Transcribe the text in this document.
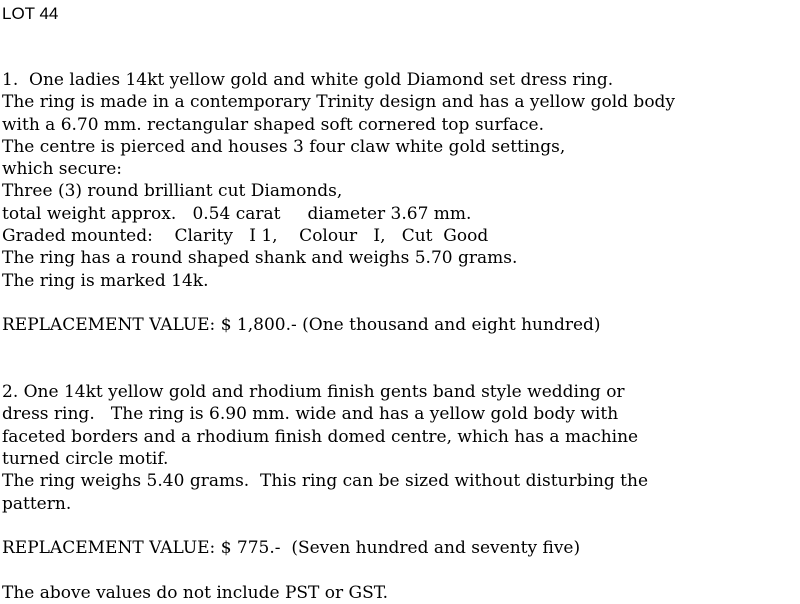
LOT 44

1.  One ladies 14kt yellow gold and white gold Diamond set dress ring.

The ring is made in a contemporary Trinity design and has a yellow gold body

with a 6.70 mm. rectangular shaped soft cornered top surface.

The centre is pierced and houses 3 four claw white gold settings,

which secure:

Three (3) round brilliant cut Diamonds,

total weight approx.   0.54 carat     diameter 3.67 mm.

Graded mounted:    Clarity   I 1,    Colour   I,   Cut  Good

The ring has a round shaped shank and weighs 5.70 grams.

The ring is marked 14k.

REPLACEMENT VALUE: $ 1,800.- (One thousand and eight hundred)

2. One 14kt yellow gold and rhodium finish gents band style wedding or

dress ring.   The ring is 6.90 mm. wide and has a yellow gold body with

faceted borders and a rhodium finish domed centre, which has a machine

turned circle motif.

The ring weighs 5.40 grams.  This ring can be sized without disturbing the

pattern.

REPLACEMENT VALUE: $ 775.-  (Seven hundred and seventy five)

The above values do not include PST or GST.
